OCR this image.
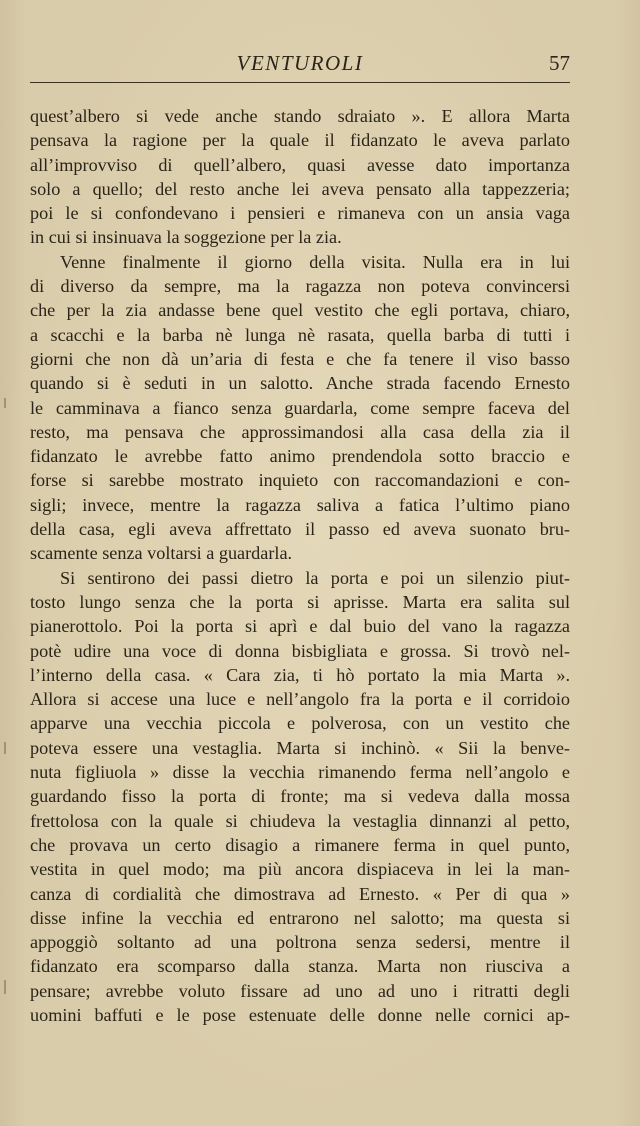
VENTUROLI	57
quest’albero si vede anche stando sdraiato ». E allora Marta
pensava la ragione per la quale il fidanzato le aveva parlato
all’improvviso di quell’albero, quasi avesse dato importanza
solo a quello; del resto anche lei aveva pensato alla tappezzeria;
poi le si confondevano i pensieri e rimaneva con un ansia vaga
in cui si insinuava la soggezione per la zia.
Venne finalmente il giorno della visita. Nulla era in lui
di diverso da sempre, ma la ragazza non poteva convincersi
che per la zia andasse bene quel vestito che egli portava, chiaro,
a scacchi e la barba nè lunga nè rasata, quella barba di tutti i
giorni che non dà un’aria di festa e che fa tenere il viso basso
quando si è seduti in un salotto. Anche strada facendo Ernesto
le camminava a fianco senza guardarla, come sempre faceva del
resto, ma pensava che approssimandosi alla casa della zia il
fidanzato le avrebbe fatto animo prendendola sotto braccio e
forse si sarebbe mostrato inquieto con raccomandazioni e con-
sigli; invece, mentre la ragazza saliva a fatica l’ultimo piano
della casa, egli aveva affrettato il passo ed aveva suonato bru-
scamente senza voltarsi a guardarla.
Si sentirono dei passi dietro la porta e poi un silenzio piut-
tosto lungo senza che la porta si aprisse. Marta era salita sul
pianerottolo. Poi la porta si aprì e dal buio del vano la ragazza
potè udire una voce di donna bisbigliata e grossa. Si trovò nel-
l’interno della casa. « Cara zia, ti hò portato la mia Marta ».
Allora si accese una luce e nell’angolo fra la porta e il corridoio
apparve una vecchia piccola e polverosa, con un vestito che
poteva essere una vestaglia. Marta si inchinò. « Sii la benve-
nuta figliuola » disse la vecchia rimanendo ferma nell’angolo e
guardando fisso la porta di fronte; ma si vedeva dalla mossa
frettolosa con la quale si chiudeva la vestaglia dinnanzi al petto,
che provava un certo disagio a rimanere ferma in quel punto,
vestita in quel modo; ma più ancora dispiaceva in lei la man-
canza di cordialità che dimostrava ad Ernesto. « Per di qua »
disse infine la vecchia ed entrarono nel salotto; ma questa si
appoggiò soltanto ad una poltrona senza sedersi, mentre il
fidanzato era scomparso dalla stanza. Marta non riusciva a
pensare; avrebbe voluto fissare ad uno ad uno i ritratti degli
uomini baffuti e le pose estenuate delle donne nelle cornici ap-
